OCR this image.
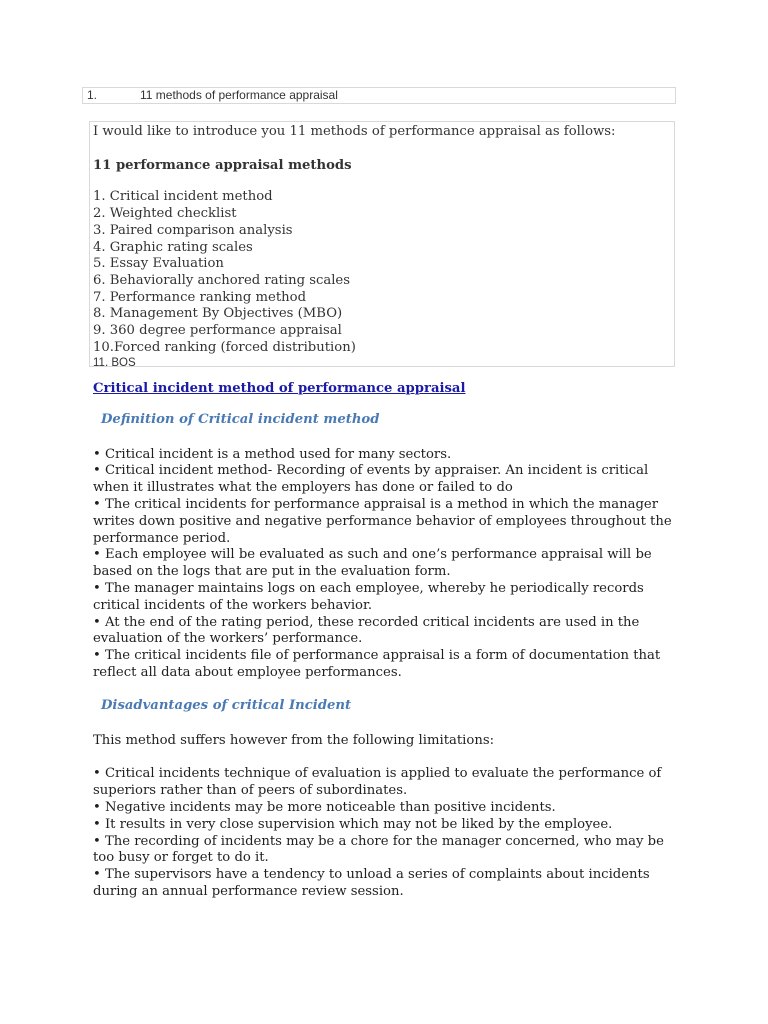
1.	11 methods of performance appraisal

I would like to introduce you 11 methods of performance appraisal as follows:

11 performance appraisal methods

1. Critical incident method
2. Weighted checklist
3. Paired comparison analysis
4. Graphic rating scales
5. Essay Evaluation
6. Behaviorally anchored rating scales
7. Performance ranking method
8. Management By Objectives (MBO)
9. 360 degree performance appraisal
10.Forced ranking (forced distribution)
11. BOS
Critical incident method of performance appraisal
Definition of Critical incident method
• Critical incident is a method used for many sectors.
• Critical incident method- Recording of events by appraiser. An incident is critical when it illustrates what the employers has done or failed to do
• The critical incidents for performance appraisal is a method in which the manager writes down positive and negative performance behavior of employees throughout the performance period.
• Each employee will be evaluated as such and one’s performance appraisal will be based on the logs that are put in the evaluation form.
• The manager maintains logs on each employee, whereby he periodically records critical incidents of the workers behavior.
• At the end of the rating period, these recorded critical incidents are used in the evaluation of the workers’ performance.
• The critical incidents file of performance appraisal is a form of documentation that reflect all data about employee performances.
Disadvantages of critical Incident

This method suffers however from the following limitations:

• Critical incidents technique of evaluation is applied to evaluate the performance of superiors rather than of peers of subordinates.
• Negative incidents may be more noticeable than positive incidents.
• It results in very close supervision which may not be liked by the employee.
• The recording of incidents may be a chore for the manager concerned, who may be too busy or forget to do it.
• The supervisors have a tendency to unload a series of complaints about incidents during an annual performance review session.
